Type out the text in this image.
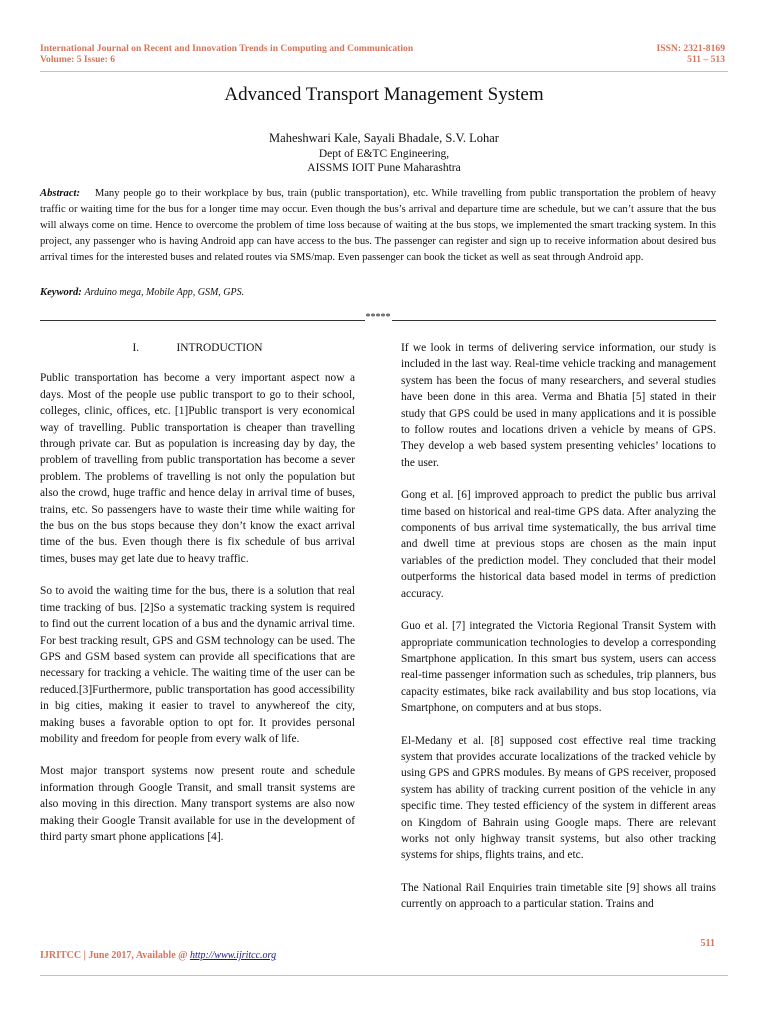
International Journal on Recent and Innovation Trends in Computing and Communication
Volume: 5 Issue: 6
ISSN: 2321-8169
511 – 513
Advanced Transport Management System
Maheshwari Kale, Sayali Bhadale, S.V. Lohar
Dept of E&TC Engineering,
AISSMS IOIT Pune Maharashtra
Abstract: Many people go to their workplace by bus, train (public transportation), etc. While travelling from public transportation the problem of heavy traffic or waiting time for the bus for a longer time may occur. Even though the bus’s arrival and departure time are schedule, but we can’t assure that the bus will always come on time. Hence to overcome the problem of time loss because of waiting at the bus stops, we implemented the smart tracking system. In this project, any passenger who is having Android app can have access to the bus. The passenger can register and sign up to receive information about desired bus arrival times for the interested buses and related routes via SMS/map. Even passenger can book the ticket as well as seat through Android app.
Keyword: Arduino mega, Mobile App, GSM, GPS.
*****
I.	INTRODUCTION

Public transportation has become a very important aspect now a days. Most of the people use public transport to go to their school, colleges, clinic, offices, etc. [1]Public transport is very economical way of travelling. Public transportation is cheaper than travelling through private car. But as population is increasing day by day, the problem of travelling from public transportation has become a sever problem. The problems of travelling is not only the population but also the crowd, huge traffic and hence delay in arrival time of buses, trains, etc. So passengers have to waste their time while waiting for the bus on the bus stops because they don’t know the exact arrival time of the bus. Even though there is fix schedule of bus arrival times, buses may get late due to heavy traffic.

So to avoid the waiting time for the bus, there is a solution that real time tracking of bus. [2]So a systematic tracking system is required to find out the current location of a bus and the dynamic arrival time. For best tracking result, GPS and GSM technology can be used. The GPS and GSM based system can provide all specifications that are necessary for tracking a vehicle. The waiting time of the user can be reduced.[3]Furthermore, public transportation has good accessibility in big cities, making it easier to travel to anywhereof the city, making buses a favorable option to opt for. It provides personal mobility and freedom for people from every walk of life.

Most major transport systems now present route and schedule information through Google Transit, and small transit systems are also moving in this direction. Many transport systems are also now making their Google Transit available for use in the development of third party smart phone applications [4].

If we look in terms of delivering service information, our study is included in the last way. Real-time vehicle tracking and management system has been the focus of many researchers, and several studies have been done in this area. Verma and Bhatia [5] stated in their study that GPS could be used in many applications and it is possible to follow routes and locations driven a vehicle by means of GPS. They develop a web based system presenting vehicles’ locations to the user.

Gong et al. [6] improved approach to predict the public bus arrival time based on historical and real-time GPS data. After analyzing the components of bus arrival time systematically, the bus arrival time and dwell time at previous stops are chosen as the main input variables of the prediction model. They concluded that their model outperforms the historical data based model in terms of prediction accuracy.

Guo et al. [7] integrated the Victoria Regional Transit System with appropriate communication technologies to develop a corresponding Smartphone application. In this smart bus system, users can access real-time passenger information such as schedules, trip planners, bus capacity estimates, bike rack availability and bus stop locations, via Smartphone, on computers and at bus stops.

El-Medany et al. [8] supposed cost effective real time tracking system that provides accurate localizations of the tracked vehicle by using GPS and GPRS modules. By means of GPS receiver, proposed system has ability of tracking current position of the vehicle in any specific time. They tested efficiency of the system in different areas on Kingdom of Bahrain using Google maps. There are relevant works not only highway transit systems, but also other tracking systems for ships, flights trains, and etc.

The National Rail Enquiries train timetable site [9] shows all trains currently on approach to a particular station. Trains and

511
IJRITCC | June 2017, Available @ http://www.ijritcc.org
